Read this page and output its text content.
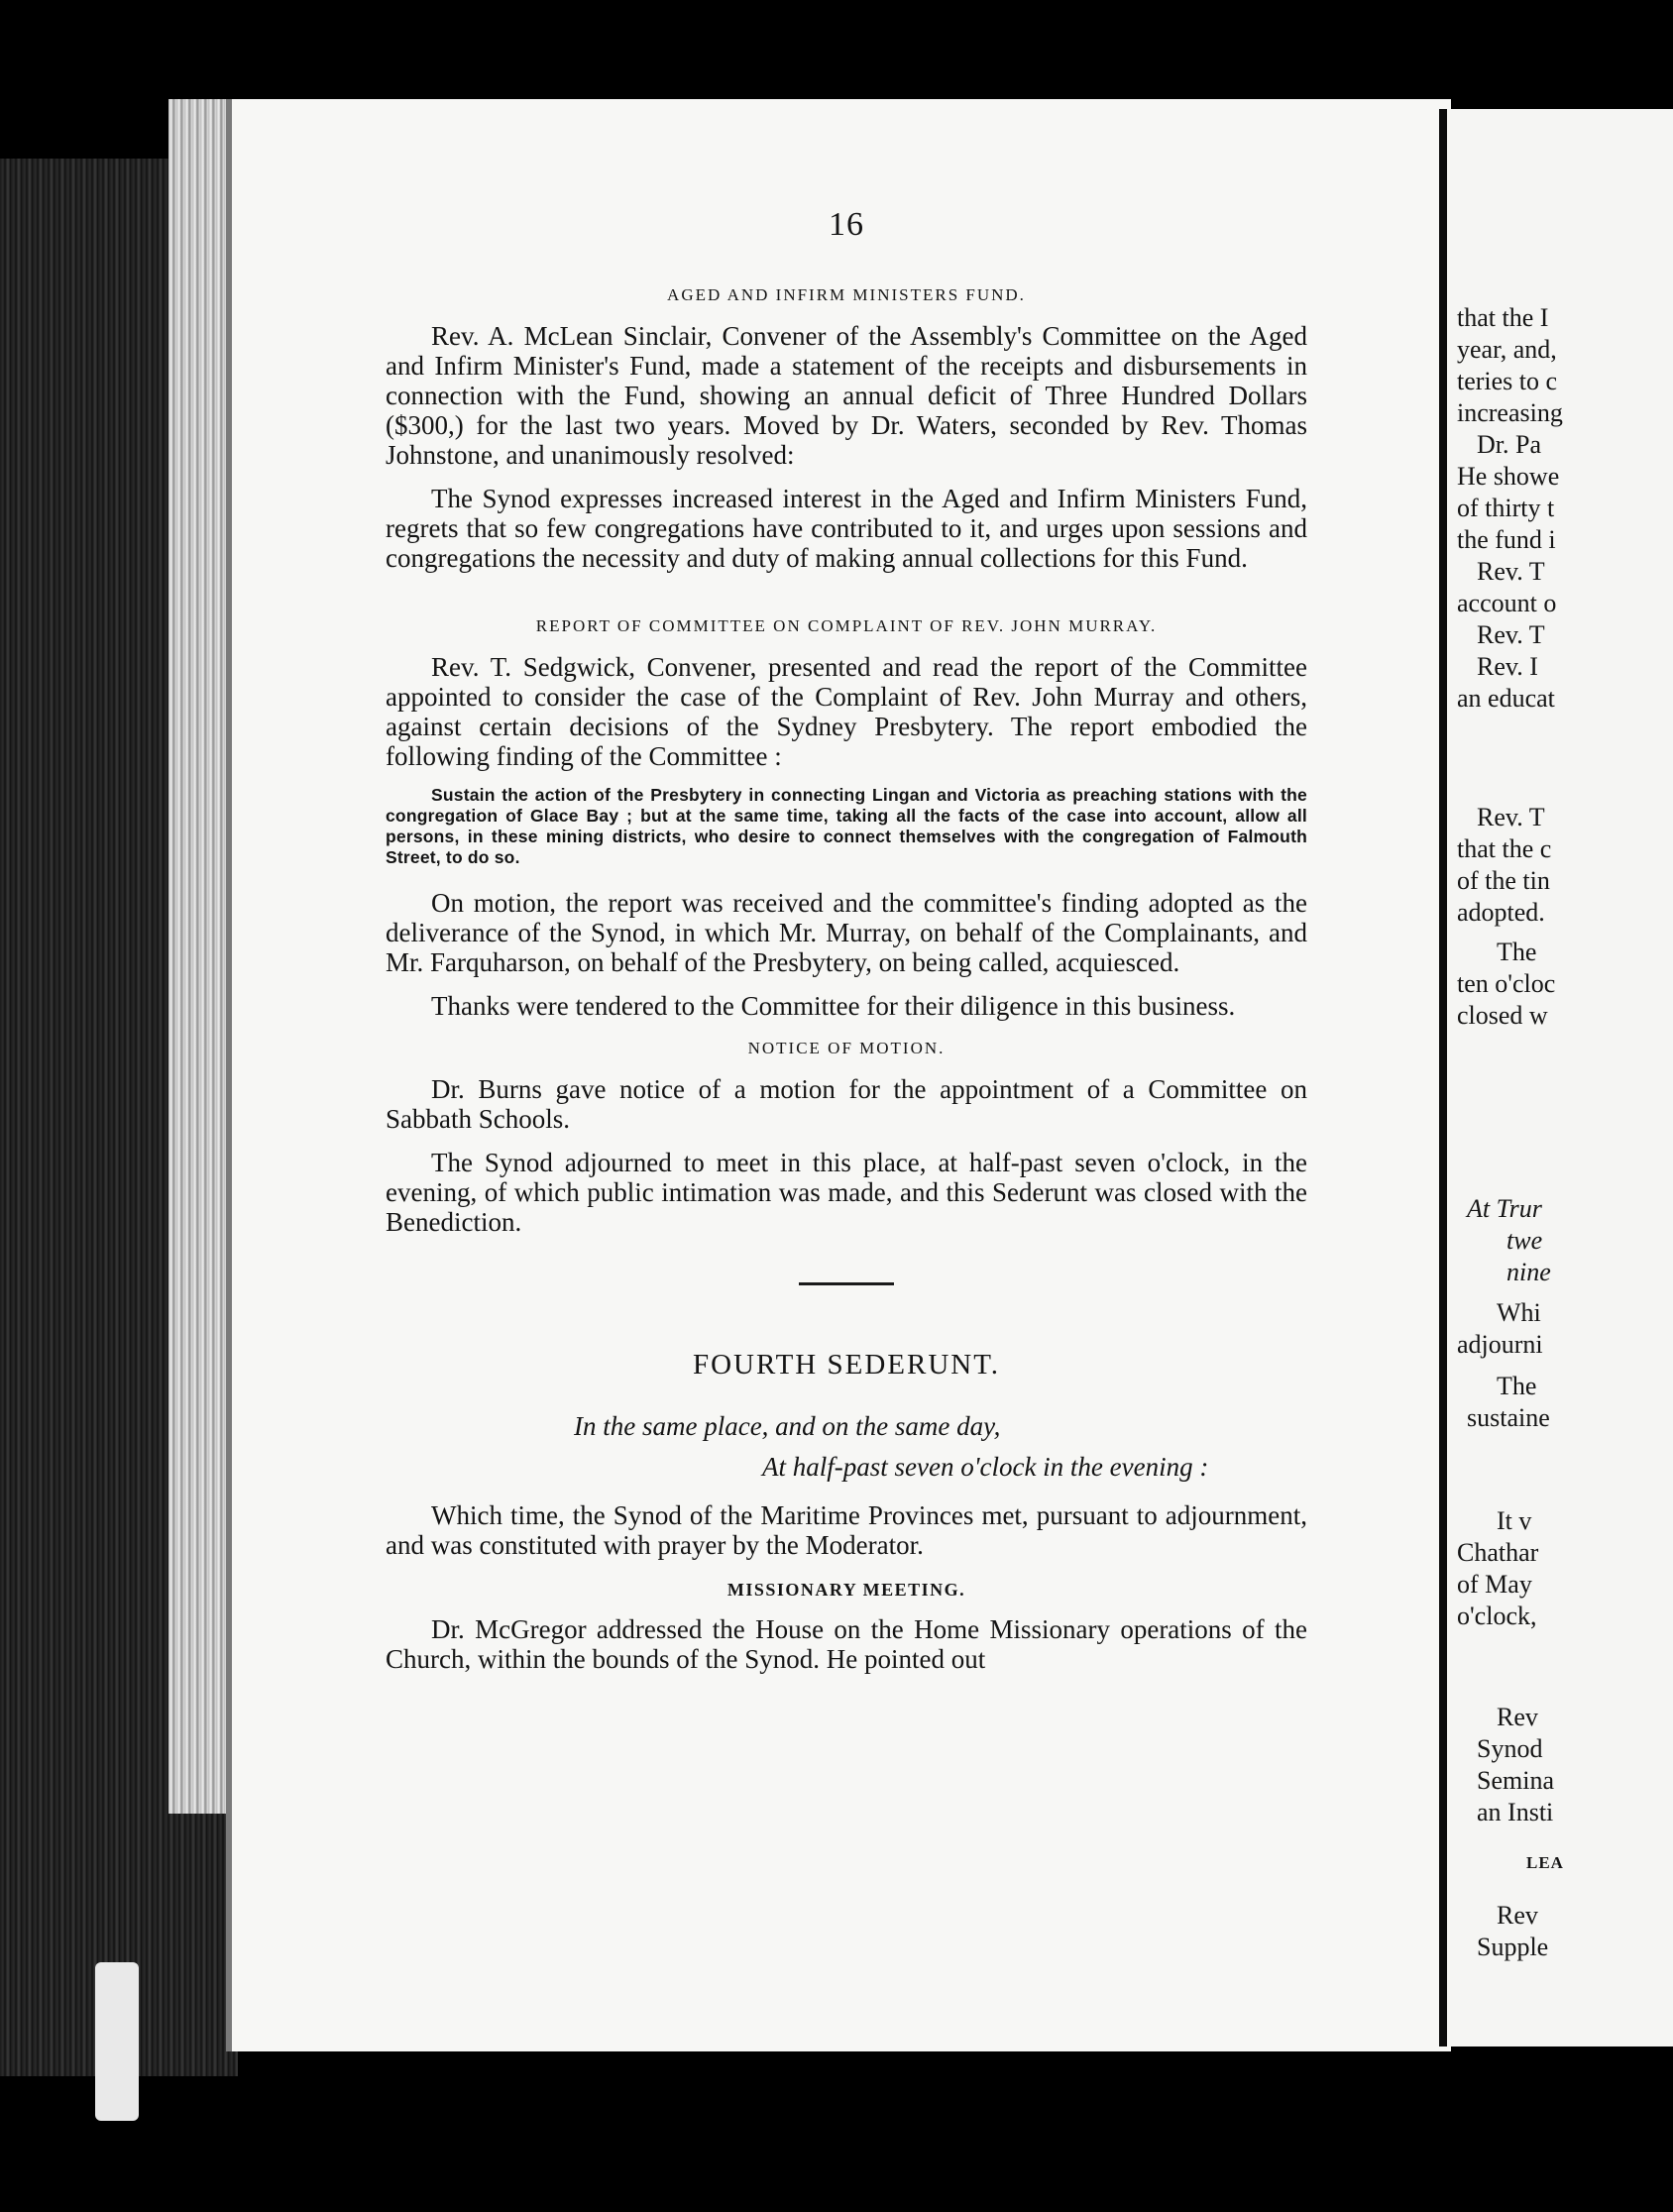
16
AGED AND INFIRM MINISTERS FUND.

Rev. A. McLean Sinclair, Convener of the Assembly's Committee on the Aged and Infirm Minister's Fund, made a statement of the receipts and disbursements in connection with the Fund, showing an annual deficit of Three Hundred Dollars ($300,) for the last two years. Moved by Dr. Waters, seconded by Rev. Thomas Johnstone, and unanimously resolved:

The Synod expresses increased interest in the Aged and Infirm Ministers Fund, regrets that so few congregations have contributed to it, and urges upon sessions and congregations the necessity and duty of making annual collections for this Fund.

REPORT OF COMMITTEE ON COMPLAINT OF REV. JOHN MURRAY.

Rev. T. Sedgwick, Convener, presented and read the report of the Committee appointed to consider the case of the Complaint of Rev. John Murray and others, against certain decisions of the Sydney Presbytery. The report embodied the following finding of the Committee :

Sustain the action of the Presbytery in connecting Lingan and Victoria as preaching stations with the congregation of Glace Bay ; but at the same time, taking all the facts of the case into account, allow all persons, in these mining districts, who desire to connect themselves with the congregation of Falmouth Street, to do so.

On motion, the report was received and the committee's finding adopted as the deliverance of the Synod, in which Mr. Murray, on behalf of the Complainants, and Mr. Farquharson, on behalf of the Presbytery, on being called, acquiesced.

Thanks were tendered to the Committee for their diligence in this business.

NOTICE OF MOTION.

Dr. Burns gave notice of a motion for the appointment of a Committee on Sabbath Schools.

The Synod adjourned to meet in this place, at half-past seven o'clock, in the evening, of which public intimation was made, and this Sederunt was closed with the Benediction.

FOURTH SEDERUNT.
In the same place, and on the same day,
At half-past seven o'clock in the evening :

Which time, the Synod of the Maritime Provinces met, pursuant to adjournment, and was constituted with prayer by the Moderator.

MISSIONARY MEETING.

Dr. McGregor addressed the House on the Home Missionary operations of the Church, within the bounds of the Synod. He pointed out

that the I
year, and,
teries to c
increasing
Dr. Pa
He showe
of thirty t
the fund i
Rev. T
account o
Rev. T
Rev. I
an educat
Rev. T
that the c
of the tin
adopted.
The
ten o'cloc
closed w
At Trur
twe
nine
Whi
adjourni
The
sustaine
It v
Chathar
of May
o'clock,
Rev
Synod
Semina
an Insti
LEA
Rev
Supple
